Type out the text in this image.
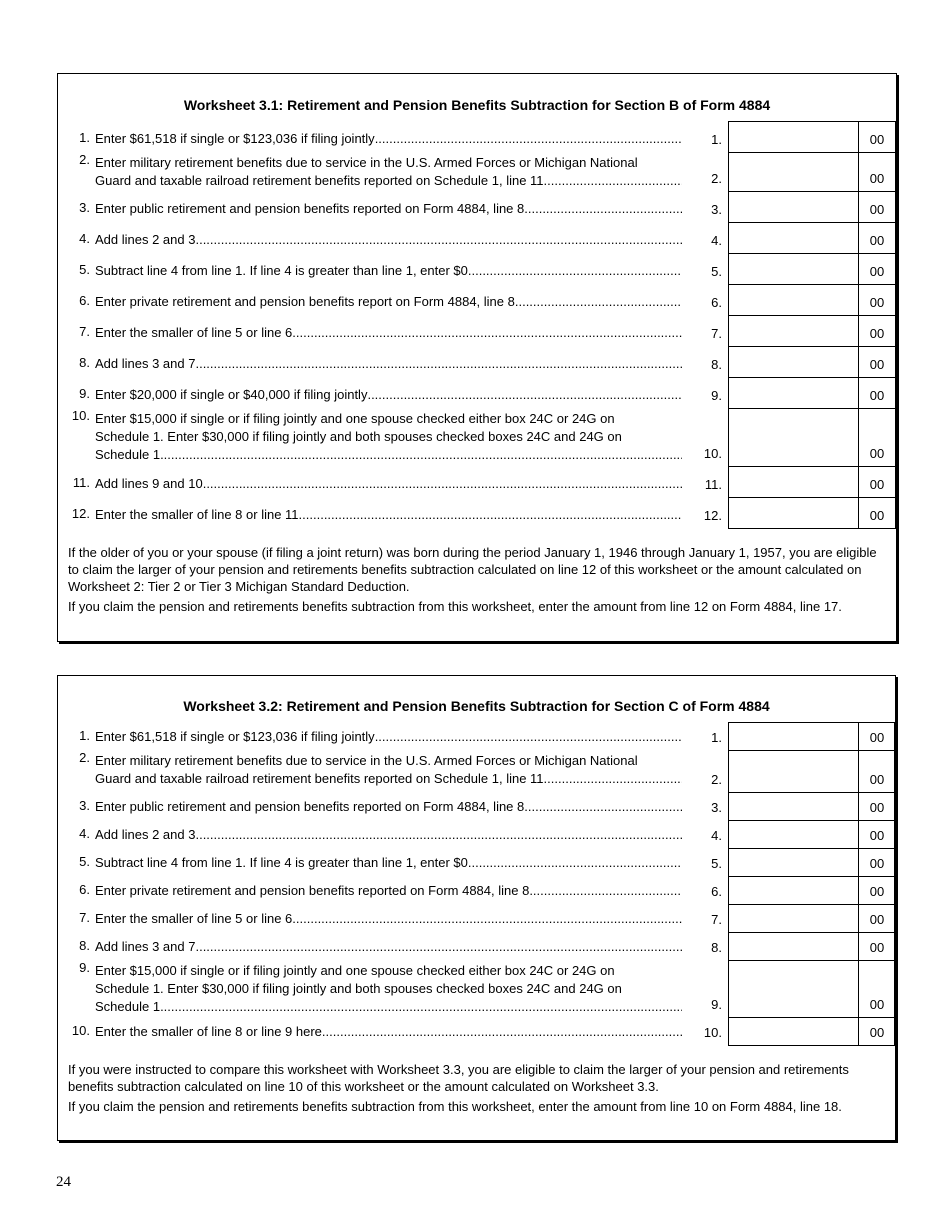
Worksheet 3.1: Retirement and Pension Benefits Subtraction for Section B of Form 4884
1. Enter $61,518 if single or $123,036 if filing jointly .....	1.	00
2. Enter military retirement benefits due to service in the U.S. Armed Forces or Michigan National
Guard and taxable railroad retirement benefits reported on Schedule 1, line 11 .....	2.	00
3. Enter public retirement and pension benefits reported on Form 4884, line 8 .....	3.	00
4. Add lines 2 and 3 .....	4.	00
5. Subtract line 4 from line 1. If line 4 is greater than line 1, enter $0 .....	5.	00
6. Enter private retirement and pension benefits report on Form 4884, line 8 .....	6.	00
7. Enter the smaller of line 5 or line 6 .....	7.	00
8. Add lines 3 and 7 .....	8.	00
9. Enter $20,000 if single or $40,000 if filing jointly .....	9.	00
10. Enter $15,000 if single or if filing jointly and one spouse checked either box 24C or 24G on
Schedule 1. Enter $30,000 if filing jointly and both spouses checked boxes 24C and 24G on
Schedule 1 .....	10.	00
11. Add lines 9 and 10 .....	11.	00
12. Enter the smaller of line 8 or line 11 .....	12.	00

If the older of you or your spouse (if filing a joint return) was born during the period January 1, 1946 through January 1, 1957, you are eligible to claim the larger of your pension and retirements benefits subtraction calculated on line 12 of this worksheet or the amount calculated on Worksheet 2: Tier 2 or Tier 3 Michigan Standard Deduction.

If you claim the pension and retirements benefits subtraction from this worksheet, enter the amount from line 12 on Form 4884, line 17.

Worksheet 3.2: Retirement and Pension Benefits Subtraction for Section C of Form 4884
1. Enter $61,518 if single or $123,036 if filing jointly .....	1.	00
2. Enter military retirement benefits due to service in the U.S. Armed Forces or Michigan National
Guard and taxable railroad retirement benefits reported on Schedule 1, line 11 .....	2.	00
3. Enter public retirement and pension benefits reported on Form 4884, line 8. .....	3.	00
4. Add lines 2 and 3 .....	4.	00
5. Subtract line 4 from line 1. If line 4 is greater than line 1, enter $0 .....	5.	00
6. Enter private retirement and pension benefits reported on Form 4884, line 8 .....	6.	00
7. Enter the smaller of line 5 or line 6 .....	7.	00
8. Add lines 3 and 7 .....	8.	00
9. Enter $15,000 if single or if filing jointly and one spouse checked either box 24C or 24G on
Schedule 1. Enter $30,000 if filing jointly and both spouses checked boxes 24C and 24G on
Schedule 1 .....	9.	00
10. Enter the smaller of line 8 or line 9 here .....	10.	00

If you were instructed to compare this worksheet with Worksheet 3.3, you are eligible to claim the larger of your pension and retirements benefits subtraction calculated on line 10 of this worksheet or the amount calculated on Worksheet 3.3.

If you claim the pension and retirements benefits subtraction from this worksheet, enter the amount from line 10 on Form 4884, line 18.

24
